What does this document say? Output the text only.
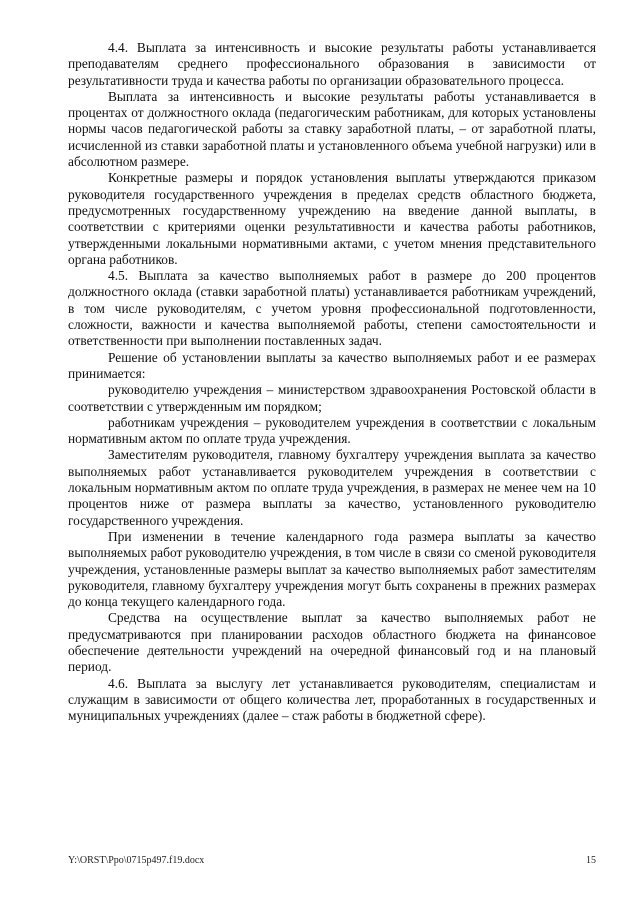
4.4. Выплата за интенсивность и высокие результаты работы устанавливается преподавателям среднего профессионального образования в зависимости от результативности труда и качества работы по организации образовательного процесса.

Выплата за интенсивность и высокие результаты работы устанавливается в процентах от должностного оклада (педагогическим работникам, для которых установлены нормы часов педагогической работы за ставку заработной платы, – от заработной платы, исчисленной из ставки заработной платы и установленного объема учебной нагрузки) или в абсолютном размере.

Конкретные размеры и порядок установления выплаты утверждаются приказом руководителя государственного учреждения в пределах средств областного бюджета, предусмотренных государственному учреждению на введение данной выплаты, в соответствии с критериями оценки результативности и качества работы работников, утвержденными локальными нормативными актами, с учетом мнения представительного органа работников.

4.5. Выплата за качество выполняемых работ в размере до 200 процентов должностного оклада (ставки заработной платы) устанавливается работникам учреждений, в том числе руководителям, с учетом уровня профессиональной подготовленности, сложности, важности и качества выполняемой работы, степени самостоятельности и ответственности при выполнении поставленных задач.

Решение об установлении выплаты за качество выполняемых работ и ее размерах принимается:

руководителю учреждения – министерством здравоохранения Ростовской области в соответствии с утвержденным им порядком;

работникам учреждения – руководителем учреждения в соответствии с локальным нормативным актом по оплате труда учреждения.

Заместителям руководителя, главному бухгалтеру учреждения выплата за качество выполняемых работ устанавливается руководителем учреждения в соответствии с локальным нормативным актом по оплате труда учреждения, в размерах не менее чем на 10 процентов ниже от размера выплаты за качество, установленного руководителю государственного учреждения.

При изменении в течение календарного года размера выплаты за качество выполняемых работ руководителю учреждения, в том числе в связи со сменой руководителя учреждения, установленные размеры выплат за качество выполняемых работ заместителям руководителя, главному бухгалтеру учреждения могут быть сохранены в прежних размерах до конца текущего календарного года.

Средства на осуществление выплат за качество выполняемых работ не предусматриваются при планировании расходов областного бюджета на финансовое обеспечение деятельности учреждений на очередной финансовый год и на плановый период.

4.6. Выплата за выслугу лет устанавливается руководителям, специалистам и служащим в зависимости от общего количества лет, проработанных в государственных и муниципальных учреждениях (далее – стаж работы в бюджетной сфере).

Y:\ORST\Ppo\0715p497.f19.docx	15
